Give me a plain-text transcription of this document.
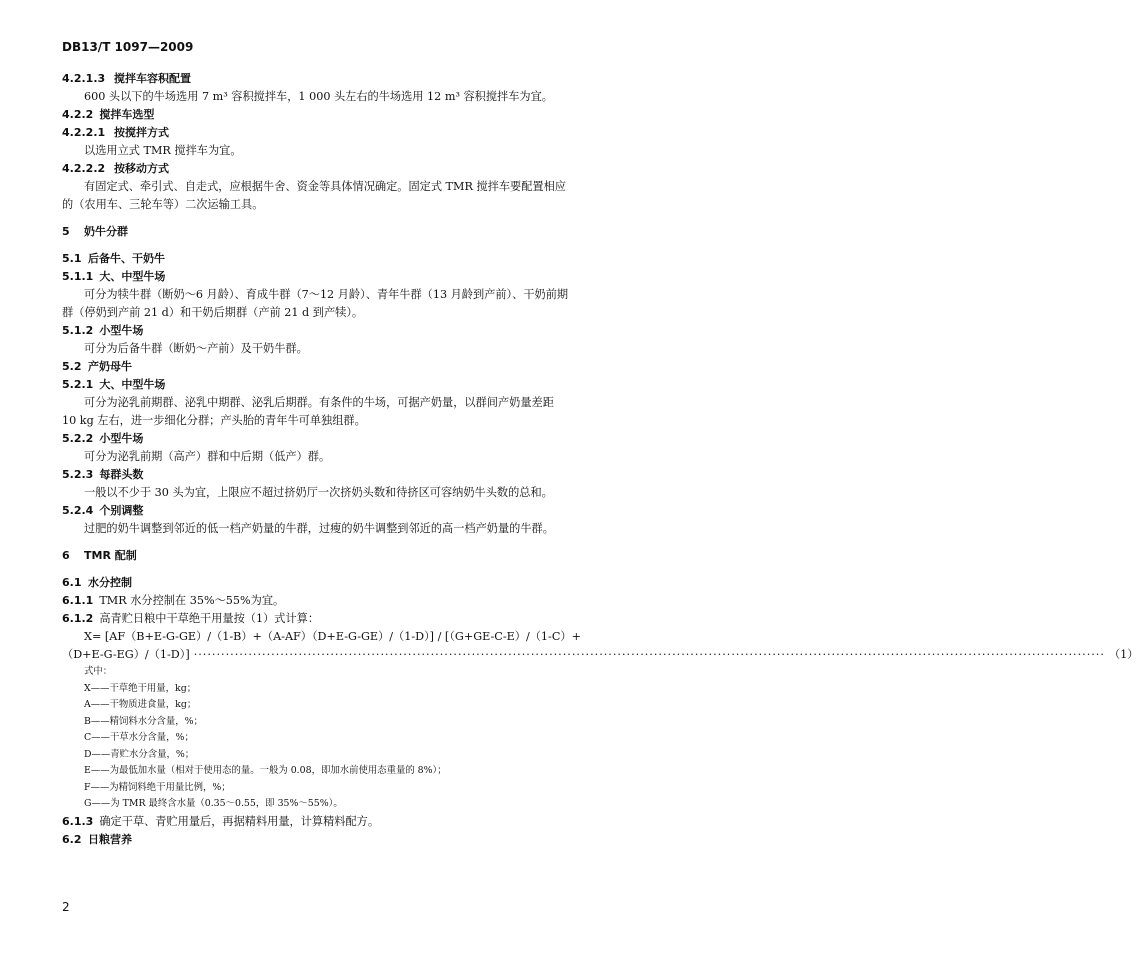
DB13/T 1097—2009
4.2.1.3 搅拌车容积配置
600 头以下的牛场选用 7 m³ 容积搅拌车，1 000 头左右的牛场选用 12 m³ 容积搅拌车为宜。
4.2.2 搅拌车选型
4.2.2.1 按搅拌方式
以选用立式 TMR 搅拌车为宜。
4.2.2.2 按移动方式
有固定式、牵引式、自走式，应根据牛舍、资金等具体情况确定。固定式 TMR 搅拌车要配置相应
的（农用车、三轮车等）二次运输工具。
5 奶牛分群
5.1 后备牛、干奶牛
5.1.1 大、中型牛场
可分为犊牛群（断奶～6 月龄）、育成牛群（7～12 月龄）、青年牛群（13 月龄到产前）、干奶前期
群（停奶到产前 21 d）和干奶后期群（产前 21 d 到产犊）。
5.1.2 小型牛场
可分为后备牛群（断奶～产前）及干奶牛群。
5.2 产奶母牛
5.2.1 大、中型牛场
可分为泌乳前期群、泌乳中期群、泌乳后期群。有条件的牛场，可据产奶量，以群间产奶量差距
10 kg 左右，进一步细化分群；产头胎的青年牛可单独组群。
5.2.2 小型牛场
可分为泌乳前期（高产）群和中后期（低产）群。
5.2.3 每群头数
一般以不少于 30 头为宜，上限应不超过挤奶厅一次挤奶头数和待挤区可容纳奶牛头数的总和。
5.2.4 个别调整
过肥的奶牛调整到邻近的低一档产奶量的牛群，过瘦的奶牛调整到邻近的高一档产奶量的牛群。
6 TMR 配制
6.1 水分控制
6.1.1 TMR 水分控制在 35%～55%为宜。
6.1.2 高青贮日粮中干草绝干用量按（1）式计算：
X= [AF（B+E-G-GE）/（1-B）+（A-AF）（D+E-G-GE）/（1-D）] / [（G+GE-C-E）/（1-C）+
（D+E-G-EG）/（1-D）] ········································································································································································································ （1）
式中：
X——干草绝干用量，kg；
A——干物质进食量，kg；
B——精饲料水分含量，%；
C——干草水分含量，%；
D——青贮水分含量，%；
E——为最低加水量（相对于使用态的量。一般为 0.08，即加水前使用态重量的 8%）；
F——为精饲料绝干用量比例，%；
G——为 TMR 最终含水量（0.35～0.55，即 35%～55%）。
6.1.3 确定干草、青贮用量后，再据精料用量，计算精料配方。
6.2 日粮营养
2
